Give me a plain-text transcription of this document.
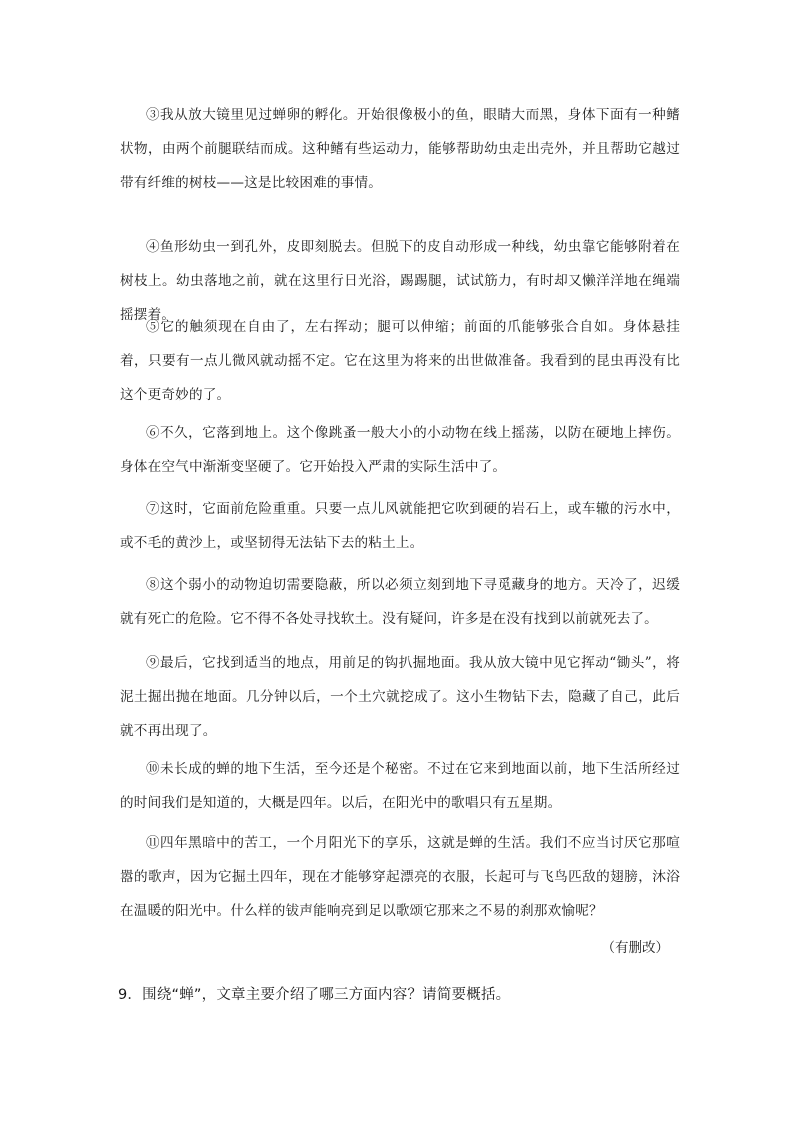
③我从放大镜里见过蝉卵的孵化。开始很像极小的鱼，眼睛大而黑，身体下面有一种鳍状物，由两个前腿联结而成。这种鳍有些运动力，能够帮助幼虫走出壳外，并且帮助它越过带有纤维的树枝——这是比较困难的事情。

④鱼形幼虫一到孔外，皮即刻脱去。但脱下的皮自动形成一种线，幼虫靠它能够附着在树枝上。幼虫落地之前，就在这里行日光浴，踢踢腿，试试筋力，有时却又懒洋洋地在绳端摇摆着。

⑤它的触须现在自由了，左右挥动；腿可以伸缩；前面的爪能够张合自如。身体悬挂着，只要有一点儿微风就动摇不定。它在这里为将来的出世做准备。我看到的昆虫再没有比这个更奇妙的了。

⑥不久，它落到地上。这个像跳蚤一般大小的小动物在线上摇荡，以防在硬地上摔伤。身体在空气中渐渐变坚硬了。它开始投入严肃的实际生活中了。

⑦这时，它面前危险重重。只要一点儿风就能把它吹到硬的岩石上，或车辙的污水中，或不毛的黄沙上，或坚韧得无法钻下去的粘土上。

⑧这个弱小的动物迫切需要隐蔽，所以必须立刻到地下寻觅藏身的地方。天冷了，迟缓就有死亡的危险。它不得不各处寻找软土。没有疑问，许多是在没有找到以前就死去了。

⑨最后，它找到适当的地点，用前足的钩扒掘地面。我从放大镜中见它挥动“锄头”，将泥土掘出抛在地面。几分钟以后，一个土穴就挖成了。这小生物钻下去，隐藏了自己，此后就不再出现了。

⑩未长成的蝉的地下生活，至今还是个秘密。不过在它来到地面以前，地下生活所经过的时间我们是知道的，大概是四年。以后，在阳光中的歌唱只有五星期。

⑪四年黑暗中的苦工，一个月阳光下的享乐，这就是蝉的生活。我们不应当讨厌它那喧嚣的歌声，因为它掘土四年，现在才能够穿起漂亮的衣服，长起可与飞鸟匹敌的翅膀，沐浴在温暖的阳光中。什么样的钹声能响亮到足以歌颂它那来之不易的刹那欢愉呢？

（有删改）
9．围绕“蝉”，文章主要介绍了哪三方面内容？请简要概括。
